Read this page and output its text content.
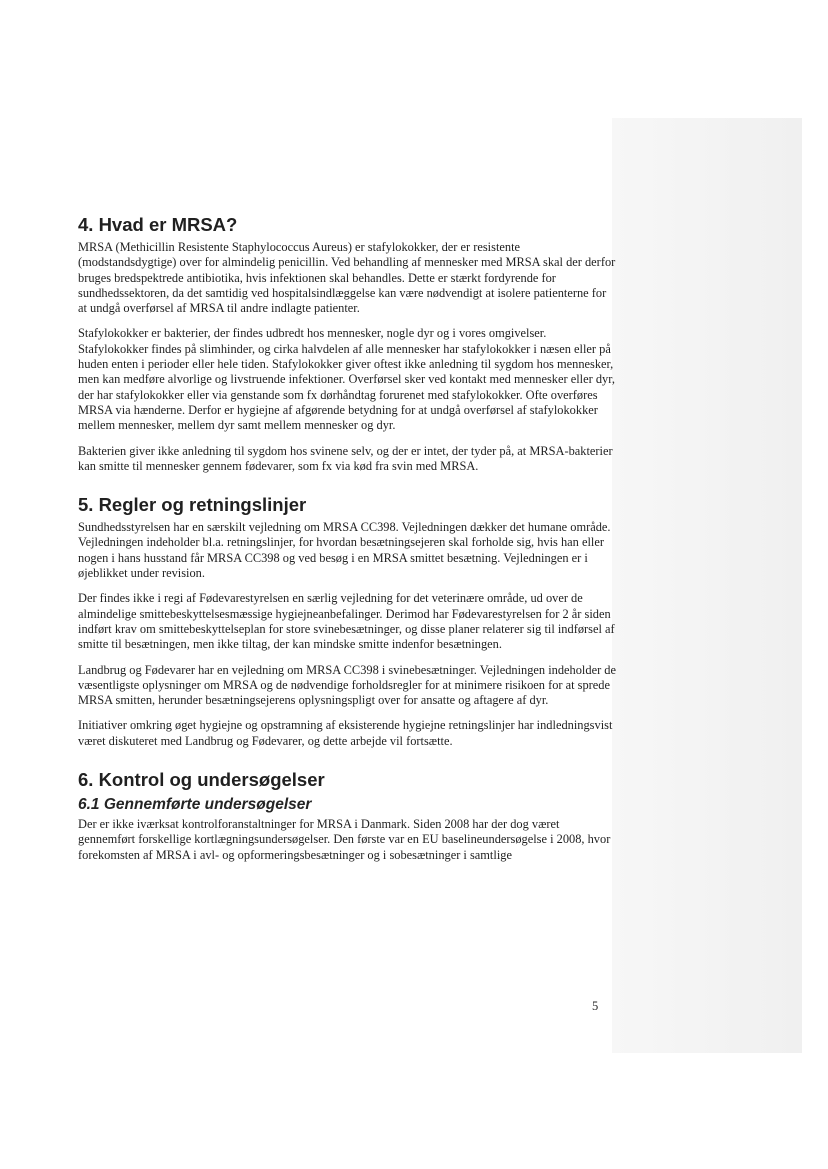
4. Hvad er MRSA?

MRSA (Methicillin Resistente Staphylococcus Aureus) er stafylokokker, der er resistente (modstandsdygtige) over for almindelig penicillin. Ved behandling af mennesker med MRSA skal der derfor bruges bredspektrede antibiotika, hvis infektionen skal behandles. Dette er stærkt fordyrende for sundhedssektoren, da det samtidig ved hospitalsindlæggelse kan være nødvendigt at isolere patienterne for at undgå overførsel af MRSA til andre indlagte patienter.

Stafylokokker er bakterier, der findes udbredt hos mennesker, nogle dyr og i vores omgivelser. Stafylokokker findes på slimhinder, og cirka halvdelen af alle mennesker har stafylokokker i næsen eller på huden enten i perioder eller hele tiden. Stafylokokker giver oftest ikke anledning til sygdom hos mennesker, men kan medføre alvorlige og livstruende infektioner. Overførsel sker ved kontakt med mennesker eller dyr, der har stafylokokker eller via genstande som fx dørhåndtag forurenet med stafylokokker. Ofte overføres MRSA via hænderne. Derfor er hygiejne af afgørende betydning for at undgå overførsel af stafylokokker mellem mennesker, mellem dyr samt mellem mennesker og dyr.

Bakterien giver ikke anledning til sygdom hos svinene selv, og der er intet, der tyder på, at MRSA-bakterier kan smitte til mennesker gennem fødevarer, som fx via kød fra svin med MRSA.

5. Regler og retningslinjer

Sundhedsstyrelsen har en særskilt vejledning om MRSA CC398. Vejledningen dækker det humane område. Vejledningen indeholder bl.a. retningslinjer, for hvordan besætningsejeren skal forholde sig, hvis han eller nogen i hans husstand får MRSA CC398 og ved besøg i en MRSA smittet besætning. Vejledningen er i øjeblikket under revision.

Der findes ikke i regi af Fødevarestyrelsen en særlig vejledning for det veterinære område, ud over de almindelige smittebeskyttelsesmæssige hygiejneanbefalinger. Derimod har Fødevarestyrelsen for 2 år siden indført krav om smittebeskyttelseplan for store svinebesætninger, og disse planer relaterer sig til indførsel af smitte til besætningen, men ikke tiltag, der kan mindske smitte indenfor besætningen.

Landbrug og Fødevarer har en vejledning om MRSA CC398 i svinebesætninger. Vejledningen indeholder de væsentligste oplysninger om MRSA og de nødvendige forholdsregler for at minimere risikoen for at sprede MRSA smitten, herunder besætningsejerens oplysningspligt over for ansatte og aftagere af dyr.

Initiativer omkring øget hygiejne og opstramning af eksisterende hygiejne retningslinjer har indledningsvist været diskuteret med Landbrug og Fødevarer, og dette arbejde vil fortsætte.

6. Kontrol og undersøgelser
6.1 Gennemførte undersøgelser

Der er ikke iværksat kontrolforanstaltninger for MRSA i Danmark. Siden 2008 har der dog været gennemført forskellige kortlægningsundersøgelser. Den første var en EU baselineundersøgelse i 2008, hvor forekomsten af MRSA i avl- og opformeringsbesætninger og i sobesætninger i samtlige

5
